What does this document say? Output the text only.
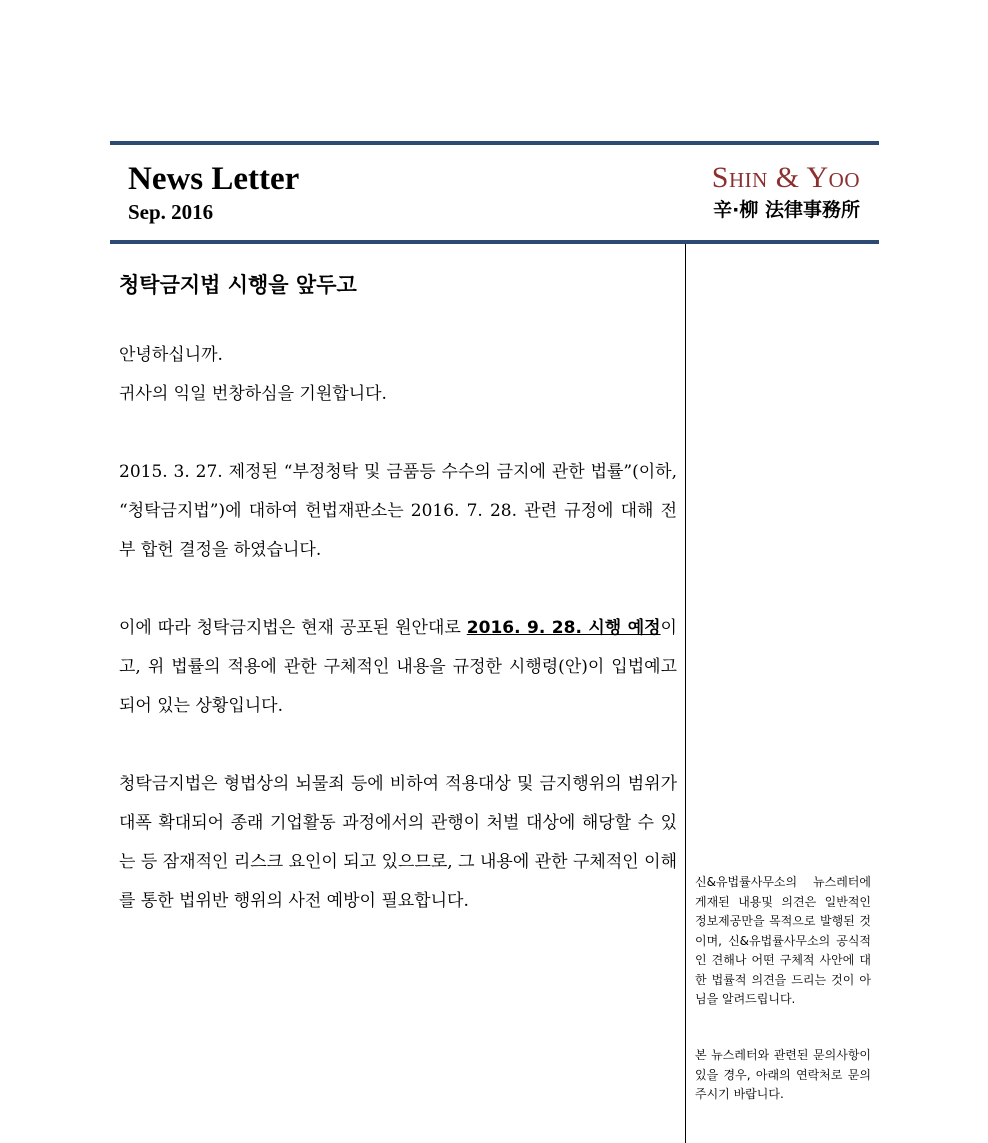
News Letter
Sep. 2016
Shin & Yoo
辛·柳 法律事務所
청탁금지법 시행을 앞두고

안녕하십니까.

귀사의 익일 번창하심을 기원합니다.

2015. 3. 27. 제정된 “부정청탁 및 금품등 수수의 금지에 관한 법률”(이하, “청탁금지법”)에 대하여 헌법재판소는 2016. 7. 28. 관련 규정에 대해 전부 합헌 결정을 하였습니다.

이에 따라 청탁금지법은 현재 공포된 원안대로 2016. 9. 28. 시행 예정이고, 위 법률의 적용에 관한 구체적인 내용을 규정한 시행령(안)이 입법예고되어 있는 상황입니다.

청탁금지법은 형법상의 뇌물죄 등에 비하여 적용대상 및 금지행위의 범위가 대폭 확대되어 종래 기업활동 과정에서의 관행이 처벌 대상에 해당할 수 있는 등 잠재적인 리스크 요인이 되고 있으므로, 그 내용에 관한 구체적인 이해를 통한 법위반 행위의 사전 예방이 필요합니다.

신&유법률사무소의 뉴스레터에 게재된 내용및 의견은 일반적인 정보제공만을 목적으로 발행된 것이며, 신&유법률사무소의 공식적인 견해나 어떤 구체적 사안에 대한 법률적 의견을 드리는 것이 아님을 알려드립니다.
본 뉴스레터와 관련된 문의사항이 있을 경우, 아래의 연락처로 문의주시기 바랍니다.
